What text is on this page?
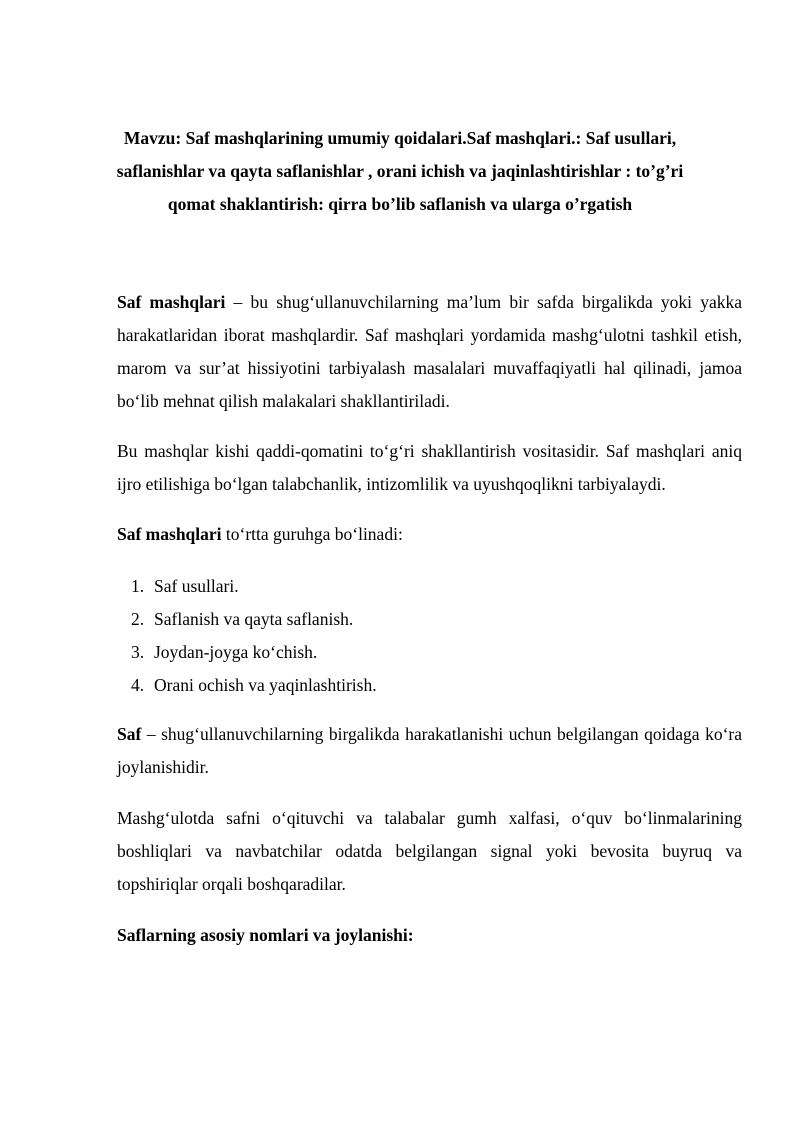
Mavzu: Saf mashqlarining umumiy qoidalari.Saf mashqlari.: Saf usullari, saflanishlar va qayta saflanishlar , orani ichish va jaqinlashtirishlar : to’g’ri qomat shaklantirish: qirra bo’lib saflanish va ularga o’rgatish

Saf mashqlari – bu shug‘ullanuvchilarning ma’lum bir safda birgalikda yoki yakka harakatlaridan iborat mashqlardir. Saf mashqlari yordamida mashg‘ulotni tashkil etish, marom va sur’at hissiyotini tarbiyalash masalalari muvaffaqiyatli hal qilinadi, jamoa bo‘lib mehnat qilish malakalari shakllantiriladi.

Bu mashqlar kishi qaddi-qomatini to‘g‘ri shakllantirish vositasidir. Saf mashqlari aniq ijro etilishiga bo‘lgan talabchanlik, intizomlilik va uyushqoqlikni tarbiyalaydi.

Saf mashqlari to‘rtta guruhga bo‘linadi:

1. Saf usullari.
2. Saflanish va qayta saflanish.
3. Joydan-joyga ko‘chish.
4. Orani ochish va yaqinlashtirish.

Saf – shug‘ullanuvchilarning birgalikda harakatlanishi uchun belgilangan qoidaga ko‘ra joylanishidir.

Mashg‘ulotda safni o‘qituvchi va talabalar gumh xalfasi, o‘quv bo‘linmalarining boshliqlari va navbatchilar odatda belgilangan signal yoki bevosita buyruq va topshiriqlar orqali boshqaradilar.

Saflarning asosiy nomlari va joylanishi:
